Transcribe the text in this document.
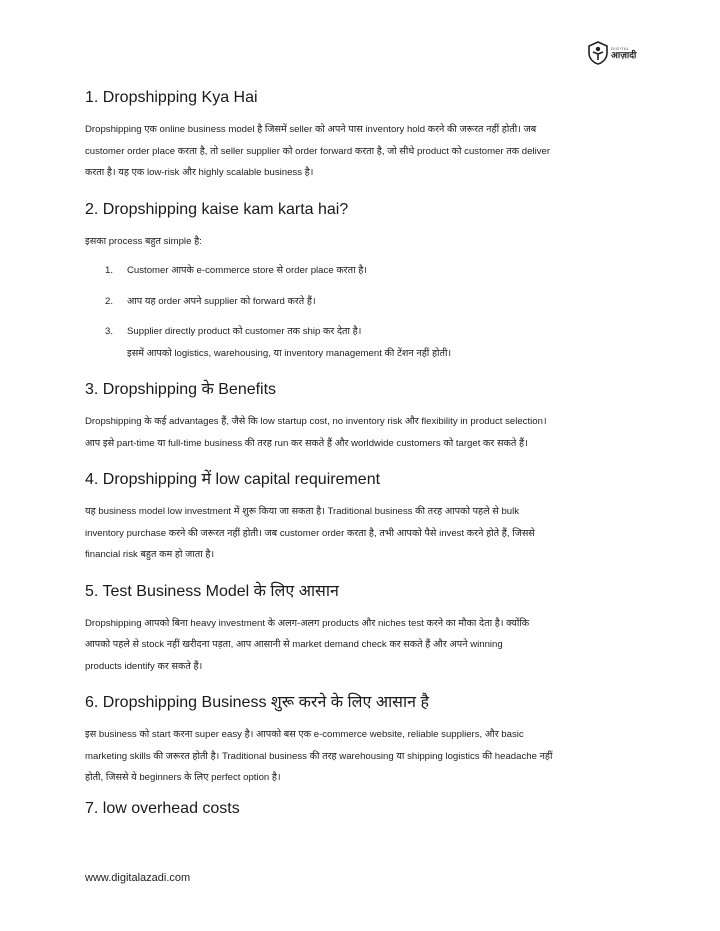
DIGITAL
आज़ादी
1. Dropshipping Kya Hai

Dropshipping एक online business model है जिसमें seller को अपने पास inventory hold करने की जरूरत नहीं होती। जब

customer order place करता है, तो seller supplier को order forward करता है, जो सीधे product को customer तक deliver

करता है। यह एक low-risk और highly scalable business है।

2. Dropshipping kaise kam karta hai?

इसका process बहुत simple है:

1. Customer आपके e-commerce store से order place करता है।
2. आप यह order अपने supplier को forward करते हैं।
3. Supplier directly product को customer तक ship कर देता है।
इसमें आपको logistics, warehousing, या inventory management की टेंशन नहीं होती।
3. Dropshipping के Benefits

Dropshipping के कई advantages हैं, जैसे कि low startup cost, no inventory risk और flexibility in product selection।

आप इसे part-time या full-time business की तरह run कर सकते हैं और worldwide customers को target कर सकते हैं।

4. Dropshipping में low capital requirement

यह business model low investment में शुरू किया जा सकता है। Traditional business की तरह आपको पहले से bulk

inventory purchase करने की जरूरत नहीं होती। जब customer order करता है, तभी आपको पैसे invest करने होते हैं, जिससे

financial risk बहुत कम हो जाता है।

5. Test Business Model के लिए आसान

Dropshipping आपको बिना heavy investment के अलग-अलग products और niches test करने का मौका देता है। क्योंकि

आपको पहले से stock नहीं खरीदना पड़ता, आप आसानी से market demand check कर सकते हैं और अपने winning

products identify कर सकते हैं।

6. Dropshipping Business शुरू करने के लिए आसान है

इस business को start करना super easy है। आपको बस एक e-commerce website, reliable suppliers, और basic

marketing skills की जरूरत होती है। Traditional business की तरह warehousing या shipping logistics की headache नहीं

होती, जिससे ये beginners के लिए perfect option है।

7. low overhead costs
www.digitalazadi.com
